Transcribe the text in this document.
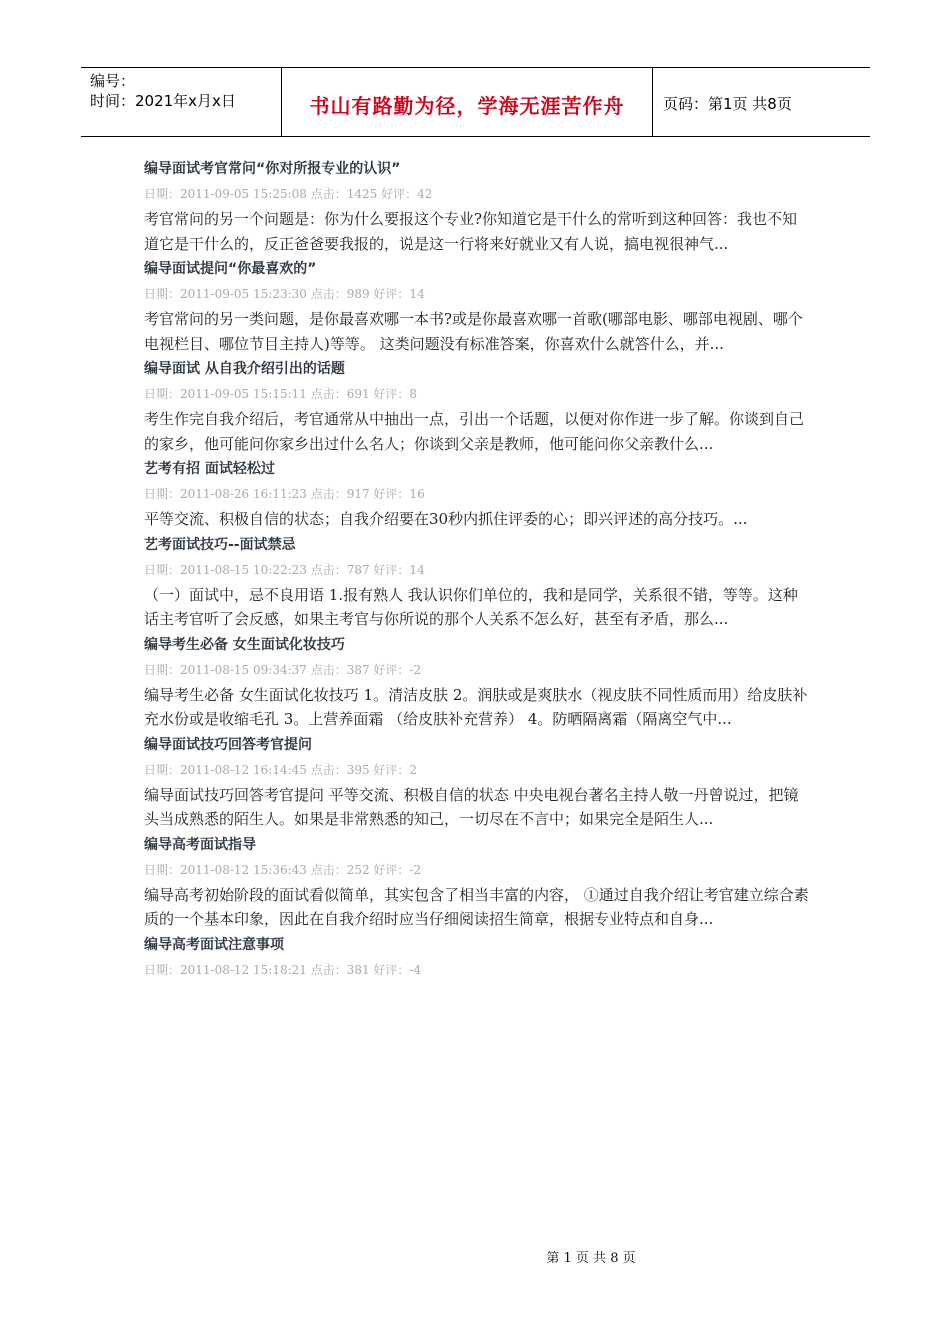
编号：
时间：2021年x月x日	书山有路勤为径，学海无涯苦作舟	页码：第1页 共8页

编导面试考官常问“你对所报专业的认识”

日期：2011-09-05 15:25:08 点击：1425 好评：42

考官常问的另一个问题是：你为什么要报这个专业?你知道它是干什么的常听到这种回答：我也不知道它是干什么的，反正爸爸要我报的，说是这一行将来好就业又有人说，搞电视很神气...

编导面试提问“你最喜欢的”

日期：2011-09-05 15:23:30 点击：989 好评：14

考官常问的另一类问题，是你最喜欢哪一本书?或是你最喜欢哪一首歌(哪部电影、哪部电视剧、哪个电视栏目、哪位节目主持人)等等。 这类问题没有标准答案，你喜欢什么就答什么，并...

编导面试 从自我介绍引出的话题

日期：2011-09-05 15:15:11 点击：691 好评：8

考生作完自我介绍后，考官通常从中抽出一点，引出一个话题，以便对你作进一步了解。你谈到自己的家乡，他可能问你家乡出过什么名人；你谈到父亲是教师，他可能问你父亲教什么...

艺考有招 面试轻松过

日期：2011-08-26 16:11:23 点击：917 好评：16

平等交流、积极自信的状态；自我介绍要在30秒内抓住评委的心；即兴评述的高分技巧。...

艺考面试技巧--面试禁忌

日期：2011-08-15 10:22:23 点击：787 好评：14

（一）面试中，忌不良用语 1.报有熟人 我认识你们单位的，我和是同学，关系很不错，等等。这种话主考官听了会反感，如果主考官与你所说的那个人关系不怎么好，甚至有矛盾，那么...

编导考生必备 女生面试化妆技巧

日期：2011-08-15 09:34:37 点击：387 好评：-2

编导考生必备 女生面试化妆技巧 1。清洁皮肤 2。润肤或是爽肤水（视皮肤不同性质而用）给皮肤补充水份或是收缩毛孔 3。上营养面霜 （给皮肤补充营养） 4。防晒隔离霜（隔离空气中...

编导面试技巧回答考官提问

日期：2011-08-12 16:14:45 点击：395 好评：2

编导面试技巧回答考官提问 平等交流、积极自信的状态 中央电视台著名主持人敬一丹曾说过，把镜头当成熟悉的陌生人。如果是非常熟悉的知己，一切尽在不言中；如果完全是陌生人...

编导高考面试指导

日期：2011-08-12 15:36:43 点击：252 好评：-2

编导高考初始阶段的面试看似简单，其实包含了相当丰富的内容， ①通过自我介绍让考官建立综合素质的一个基本印象，因此在自我介绍时应当仔细阅读招生简章，根据专业特点和自身...

编导高考面试注意事项

日期：2011-08-12 15:18:21 点击：381 好评：-4

第 1 页 共 8 页
